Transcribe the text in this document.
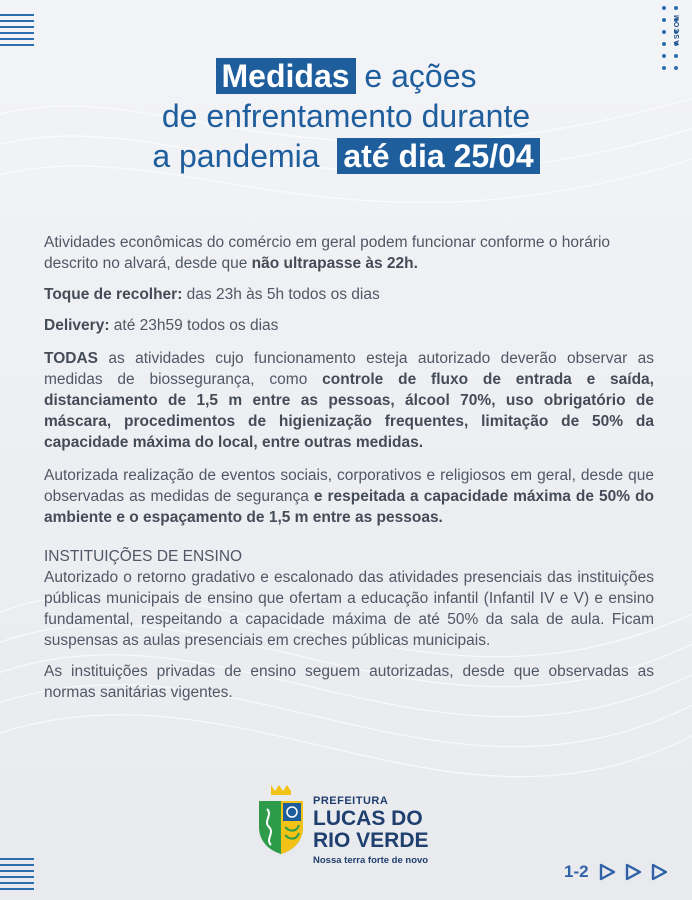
ASCOM
Medidas e ações
de enfrentamento durante
a pandemia até dia 25/04

Atividades econômicas do comércio em geral podem funcionar conforme o horário descrito no alvará, desde que não ultrapasse às 22h.

Toque de recolher: das 23h às 5h todos os dias

Delivery: até 23h59 todos os dias

TODAS as atividades cujo funcionamento esteja autorizado deverão observar as medidas de biossegurança, como controle de fluxo de entrada e saída, distanciamento de 1,5 m entre as pessoas, álcool 70%, uso obrigatório de máscara, procedimentos de higienização frequentes, limitação de 50% da capacidade máxima do local, entre outras medidas.

Autorizada realização de eventos sociais, corporativos e religiosos em geral, desde que observadas as medidas de segurança e respeitada a capacidade máxima de 50% do ambiente e o espaçamento de 1,5 m entre as pessoas.

INSTITUIÇÕES DE ENSINO

Autorizado o retorno gradativo e escalonado das atividades presenciais das instituições públicas municipais de ensino que ofertam a educação infantil (Infantil IV e V) e ensino fundamental, respeitando a capacidade máxima de até 50% da sala de aula. Ficam suspensas as aulas presenciais em creches públicas municipais.

As instituições privadas de ensino seguem autorizadas, desde que observadas as normas sanitárias vigentes.

PREFEITURA
LUCAS DO
RIO VERDE
Nossa terra forte de novo
1-2
